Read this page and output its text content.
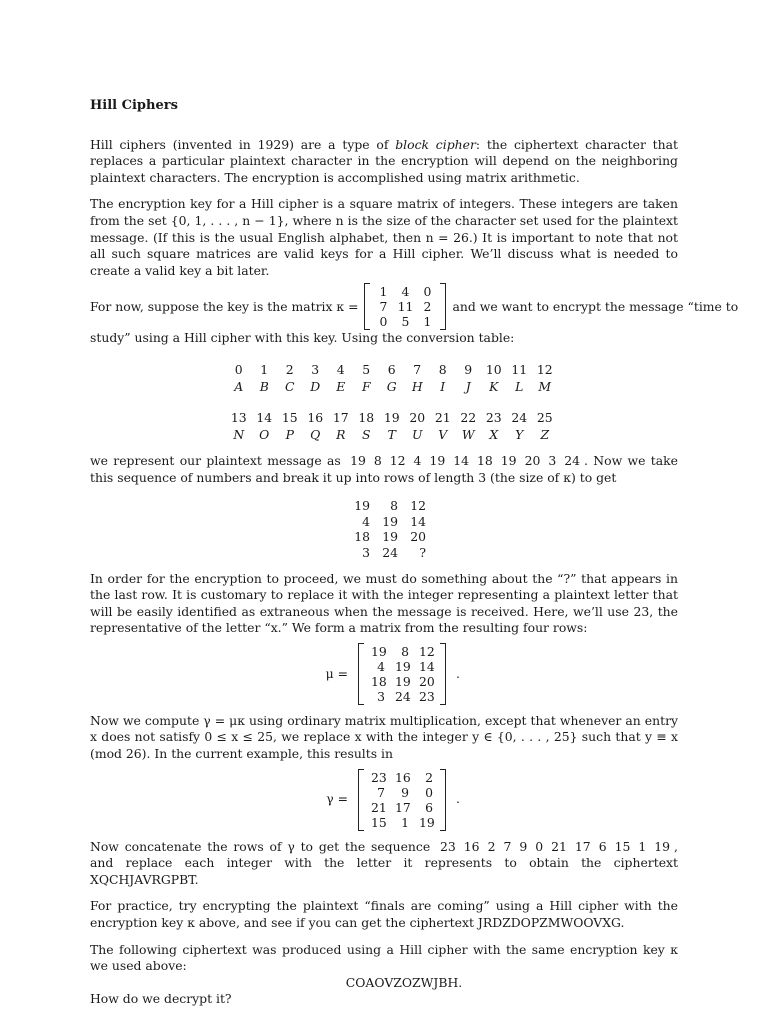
Hill Ciphers

Hill ciphers (invented in 1929) are a type of block cipher: the ciphertext character that replaces a particular plaintext character in the encryption will depend on the neighboring plaintext characters. The encryption is accomplished using matrix arithmetic.

The encryption key for a Hill cipher is a square matrix of integers. These integers are taken from the set {0, 1, . . . , n − 1}, where n is the size of the character set used for the plaintext message. (If this is the usual English alphabet, then n = 26.) It is important to note that not all such square matrices are valid keys for a Hill cipher. We’ll discuss what is needed to create a valid key a bit later.

For now, suppose the key is the matrix κ =
1	4	0
7 11 2
0	5	1
and we want to encrypt the message “time to

study” using a Hill cipher with this key. Using the conversion table:

0	1	2	3	4	5	6	7	8	9	10 11 12
A	B	C	D	E	F	G	H	I	J	K	L	M
13 14 15 16 17 18 19 20 21 22 23 24 25
N	O	P	Q	R	S	T	U	V	W	X	Y	Z

we represent our plaintext message as 19 8 12 4 19 14 18 19 20 3 24 . Now we take this sequence of numbers and break it up into rows of length 3 (the size of κ) to get

19	8 12
4 19 14
18 19 20
3 24	?

In order for the encryption to proceed, we must do something about the “?” that appears in the last row. It is customary to replace it with the integer representing a plaintext letter that will be easily identified as extraneous when the message is received. Here, we’ll use 23, the representative of the letter “x.” We form a matrix from the resulting four rows:

μ =
19	8 12
4 19 14
18 19 20
3 24 23
.

Now we compute γ = μκ using ordinary matrix multiplication, except that whenever an entry x does not satisfy 0 ≤ x ≤ 25, we replace x with the integer y ∈ {0, . . . , 25} such that y ≡ x (mod 26). In the current example, this results in

γ =
23 16	2
7	9	0
21 17	6
15	1 19
.

Now concatenate the rows of γ to get the sequence 23 16 2 7 9 0 21 17 6 15 1 19 , and replace each integer with the letter it represents to obtain the ciphertext XQCHJAVRGPBT.

For practice, try encrypting the plaintext “finals are coming” using a Hill cipher with the encryption key κ above, and see if you can get the ciphertext JRDZDOPZMWOOVXG.

The following ciphertext was produced using a Hill cipher with the same encryption key κ we used above:

COAOVZOZWJBH.

How do we decrypt it?
